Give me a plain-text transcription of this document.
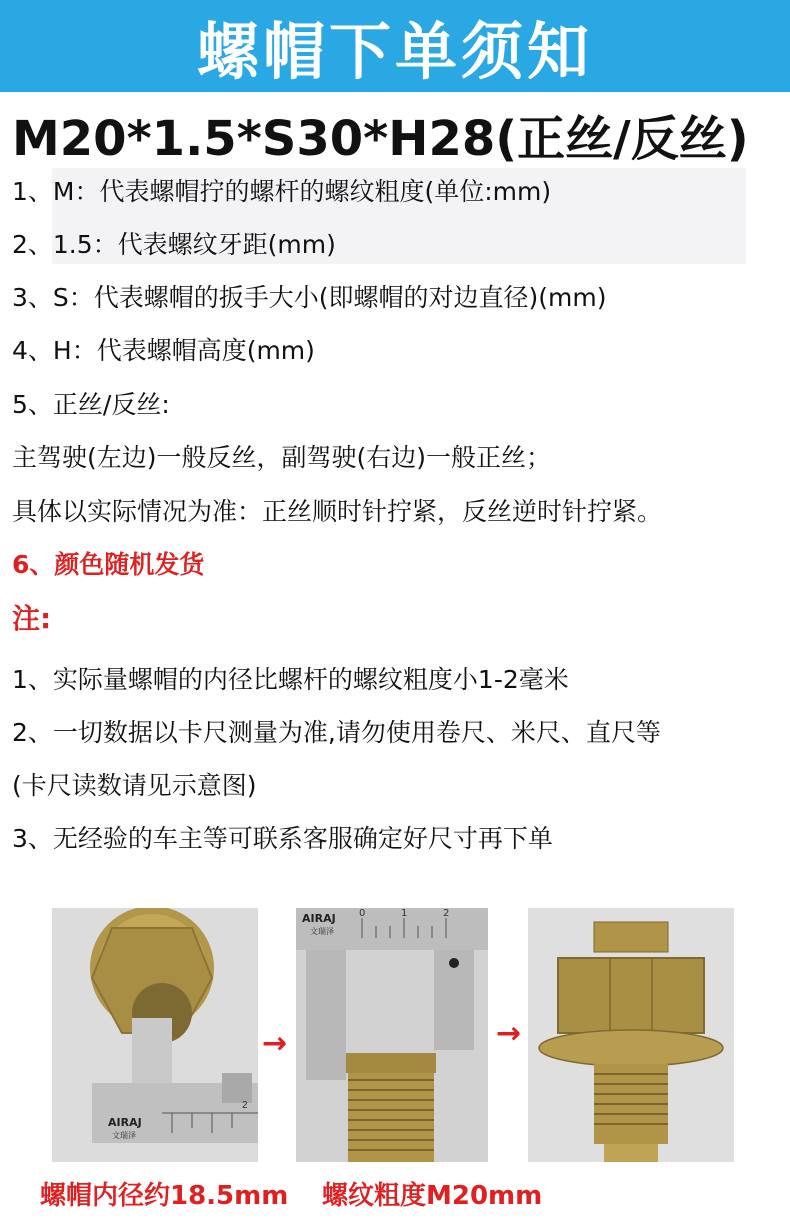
螺帽下单须知
M20*1.5*S30*H28(正丝/反丝)
1、M：代表螺帽拧的螺杆的螺纹粗度(单位:mm)
2、1.5：代表螺纹牙距(mm)
3、S：代表螺帽的扳手大小(即螺帽的对边直径)(mm)
4、H：代表螺帽高度(mm)
5、正丝/反丝:
主驾驶(左边)一般反丝，副驾驶(右边)一般正丝；
具体以实际情况为准：正丝顺时针拧紧，反丝逆时针拧紧。
6、颜色随机发货
注:
1、实际量螺帽的内径比螺杆的螺纹粗度小1-2毫米
2、一切数据以卡尺测量为准,请勿使用卷尺、米尺、直尺等
(卡尺读数请见示意图)
3、无经验的车主等可联系客服确定好尺寸再下单
2
AIRAJ
文瑞泽
→
AIRAJ
文瑞泽
0	1	2
→
螺帽内径约18.5mm 螺纹粗度M20mm
